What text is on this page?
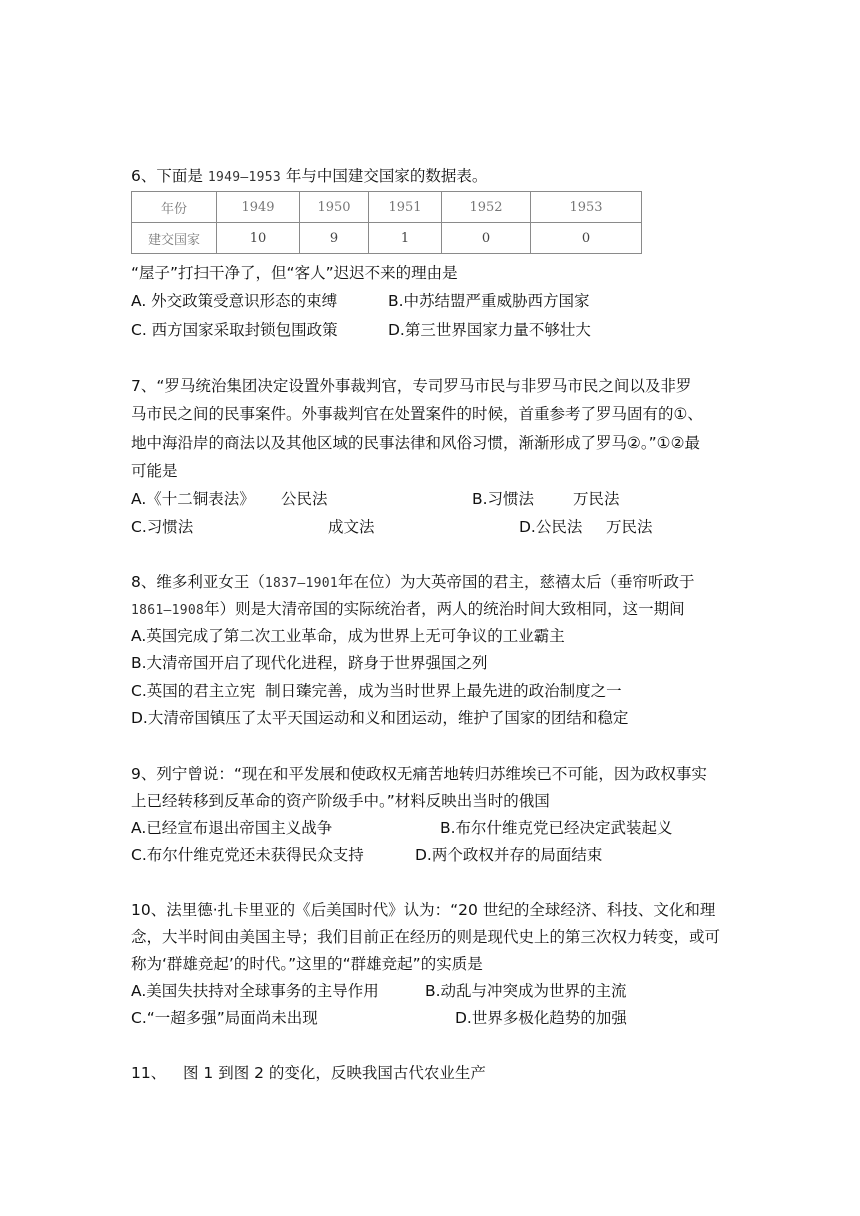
6、下面是 1949—1953 年与中国建交国家的数据表。
年份	1949	1950	1951	1952	1953
建交国家	10	9	1	0	0
“屋子”打扫干净了，但“客人”迟迟不来的理由是
A. 外交政策受意识形态的束缚	B.中苏结盟严重威胁西方国家
C. 西方国家采取封锁包围政策	D.第三世界国家力量不够壮大
7、“罗马统治集团决定设置外事裁判官，专司罗马市民与非罗马市民之间以及非罗
马市民之间的民事案件。外事裁判官在处置案件的时候，首重参考了罗马固有的①、
地中海沿岸的商法以及其他区域的民事法律和风俗习惯，渐渐形成了罗马②。”①②最
可能是
A.《十二铜表法》 公民法	B.习惯法	万民法
C.习惯法	成文法	D.公民法 万民法
8、维多利亚女王（1837—1901年在位）为大英帝国的君主，慈禧太后（垂帘听政于
1861—1908年）则是大清帝国的实际统治者，两人的统治时间大致相同，这一期间
A.英国完成了第二次工业革命，成为世界上无可争议的工业霸主
B.大清帝国开启了现代化进程，跻身于世界强国之列
C.英国的君主立宪  制日臻完善，成为当时世界上最先进的政治制度之一
D.大清帝国镇压了太平天国运动和义和团运动，维护了国家的团结和稳定
9、列宁曾说：“现在和平发展和使政权无痛苦地转归苏维埃已不可能，因为政权事实
上已经转移到反革命的资产阶级手中。”材料反映出当时的俄国
A.已经宣布退出帝国主义战争	B.布尔什维克党已经决定武装起义
C.布尔什维克党还未获得民众支持	D.两个政权并存的局面结束
10、法里德·扎卡里亚的《后美国时代》认为：“20 世纪的全球经济、科技、文化和理
念，大半时间由美国主导；我们目前正在经历的则是现代史上的第三次权力转变，或可
称为‘群雄竞起’的时代。”这里的“群雄竞起”的实质是
A.美国失扶持对全球事务的主导作用	B.动乱与冲突成为世界的主流
C.“一超多强”局面尚未出现	D.世界多极化趋势的加强
11、 图 1 到图 2 的变化，反映我国古代农业生产
